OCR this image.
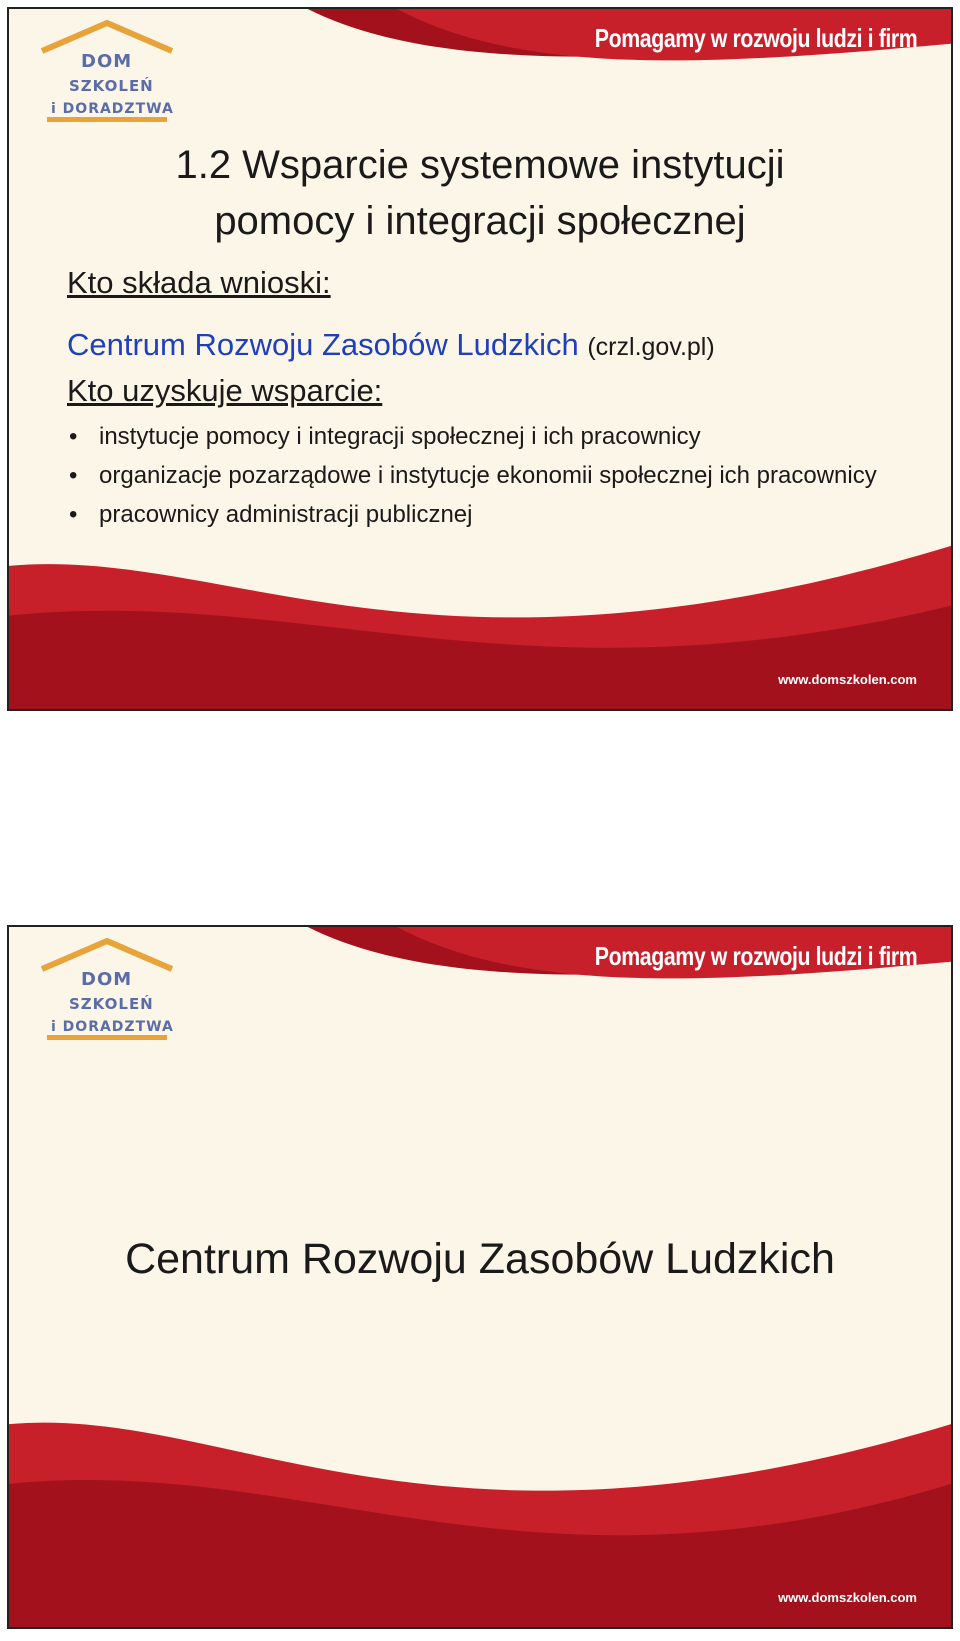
DOM
SZKOLEŃ
i DORADZTWA
Pomagamy w rozwoju ludzi i firm
1.2 Wsparcie systemowe instytucji
pomocy i integracji społecznej
Kto składa wnioski:
Centrum Rozwoju Zasobów Ludzkich (crzl.gov.pl)
Kto uzyskuje wsparcie:
• instytucje pomocy i integracji społecznej i ich pracownicy
• organizacje pozarządowe i instytucje ekonomii społecznej ich pracownicy
• pracownicy administracji publicznej
www.domszkolen.com
DOM
SZKOLEŃ
i DORADZTWA
Pomagamy w rozwoju ludzi i firm
Centrum Rozwoju Zasobów Ludzkich
www.domszkolen.com
